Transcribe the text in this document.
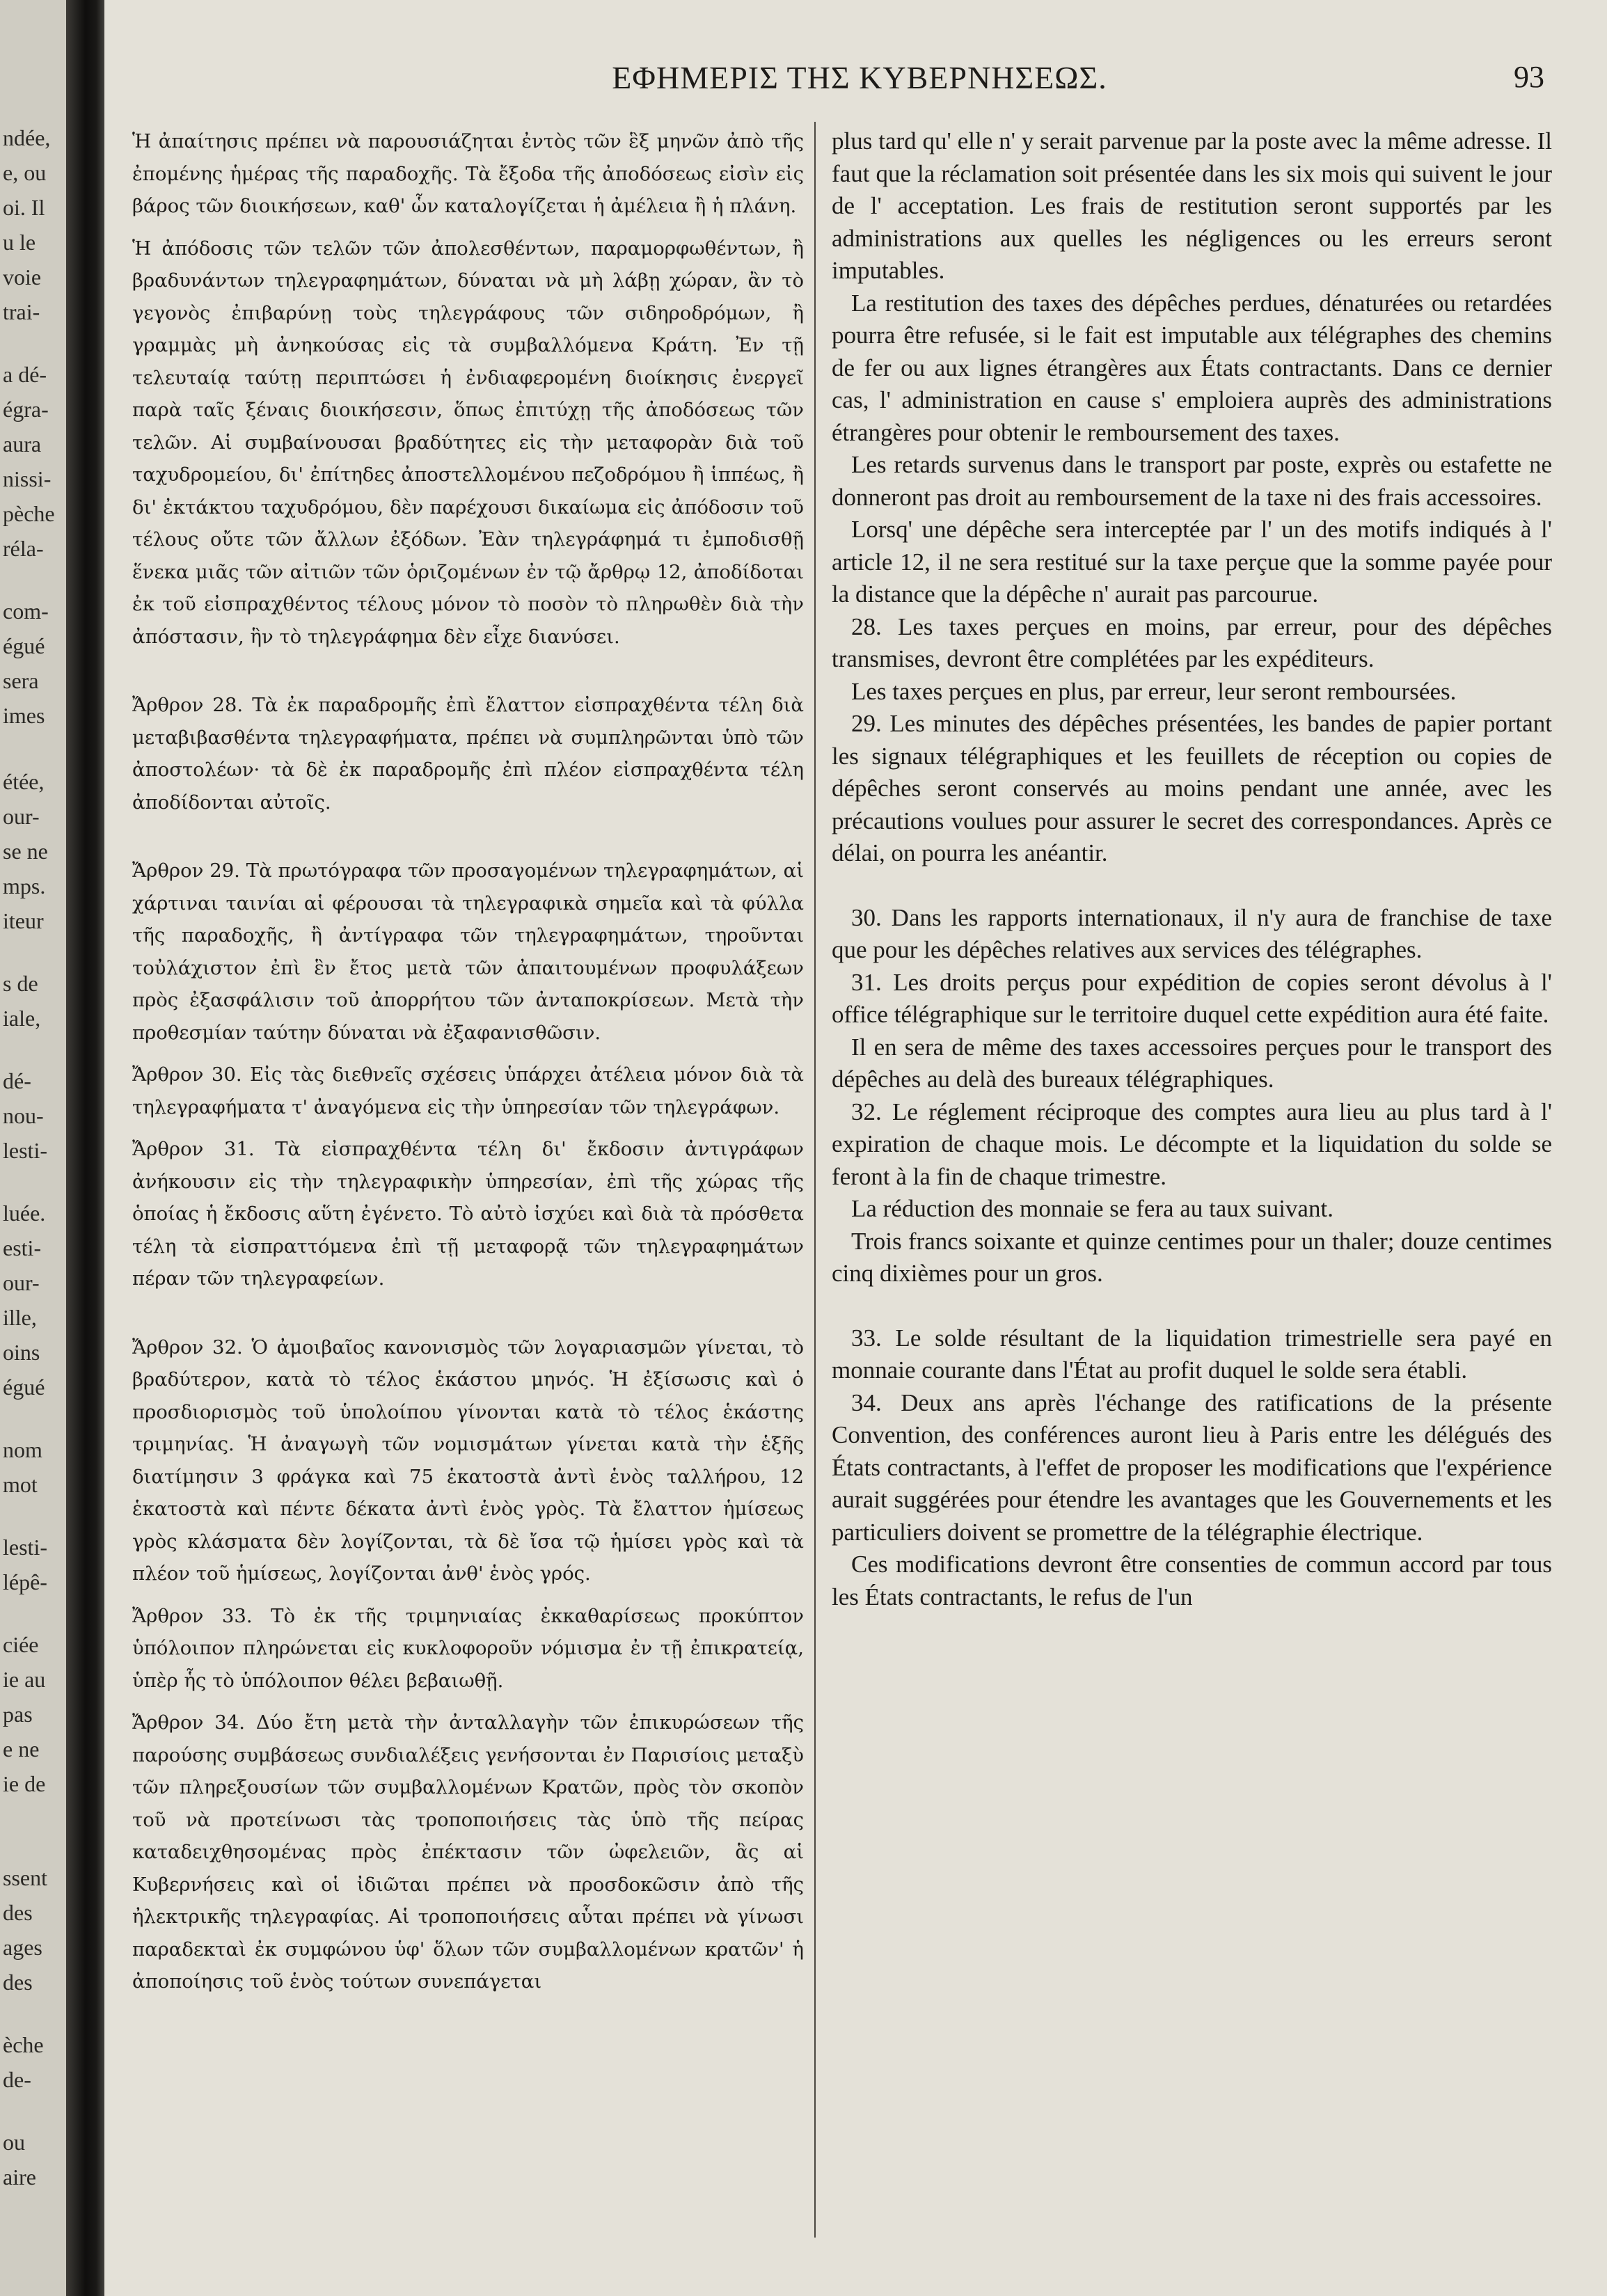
ndée,
e, ou
oi. Il
u le
voie
trai-
a dé-
égra-
aura
nissi-
pèche
réla-
com-
égué
sera
imes
étée,
our-
se ne
mps.
iteur
s de
iale,
dé-
nou-
lesti-
luée.
esti-
our-
ille,
oins
égué
nom
mot
lesti-
lépê-
ciée
ie au
pas
e ne
ie de
ssent
des
ages
des
èche
de-
ou
aire
ΕΦΗΜΕΡΙΣ ΤΗΣ ΚΥΒΕΡΝΗΣΕΩΣ.	93

Ἡ ἀπαίτησις πρέπει νὰ παρουσιάζηται ἐντὸς τῶν ἓξ μηνῶν ἀπὸ τῆς ἐπομένης ἡμέρας τῆς παραδοχῆς. Τὰ ἔξοδα τῆς ἀποδόσεως εἰσὶν εἰς βάρος τῶν διοικήσεων, καθ' ὧν καταλογίζεται ἡ ἀμέλεια ἢ ἡ πλάνη.

Ἡ ἀπόδοσις τῶν τελῶν τῶν ἀπολεσθέντων, παραμορφωθέντων, ἢ βραδυνάντων τηλεγραφημάτων, δύναται νὰ μὴ λάβῃ χώραν, ἂν τὸ γεγονὸς ἐπιβαρύνῃ τοὺς τηλεγράφους τῶν σιδηροδρόμων, ἢ γραμμὰς μὴ ἀνηκούσας εἰς τὰ συμβαλλόμενα Κράτη. Ἐν τῇ τελευταίᾳ ταύτῃ περιπτώσει ἡ ἐνδιαφερομένη διοίκησις ἐνεργεῖ παρὰ ταῖς ξέναις διοικήσεσιν, ὅπως ἐπιτύχῃ τῆς ἀποδόσεως τῶν τελῶν. Αἱ συμβαίνουσαι βραδύτητες εἰς τὴν μεταφορὰν διὰ τοῦ ταχυδρομείου, δι' ἐπίτηδες ἀποστελλομένου πεζοδρόμου ἢ ἱππέως, ἢ δι' ἐκτάκτου ταχυδρόμου, δὲν παρέχουσι δικαίωμα εἰς ἀπόδοσιν τοῦ τέλους οὔτε τῶν ἄλλων ἐξόδων. Ἐὰν τηλεγράφημά τι ἐμποδισθῇ ἕνεκα μιᾶς τῶν αἰτιῶν τῶν ὁριζομένων ἐν τῷ ἄρθρῳ 12, ἀποδίδοται ἐκ τοῦ εἰσπραχθέντος τέλους μόνον τὸ ποσὸν τὸ πληρωθὲν διὰ τὴν ἀπόστασιν, ἣν τὸ τηλεγράφημα δὲν εἶχε διανύσει.

Ἄρθρον 28. Τὰ ἐκ παραδρομῆς ἐπὶ ἔλαττον εἰσπραχθέντα τέλη διὰ μεταβιβασθέντα τηλεγραφήματα, πρέπει νὰ συμπληρῶνται ὑπὸ τῶν ἀποστολέων· τὰ δὲ ἐκ παραδρομῆς ἐπὶ πλέον εἰσπραχθέντα τέλη ἀποδίδονται αὐτοῖς.

Ἄρθρον 29. Τὰ πρωτόγραφα τῶν προσαγομένων τηλεγραφημάτων, αἱ χάρτιναι ταινίαι αἱ φέρουσαι τὰ τηλεγραφικὰ σημεῖα καὶ τὰ φύλλα τῆς παραδοχῆς, ἢ ἀντίγραφα τῶν τηλεγραφημάτων, τηροῦνται τοὐλάχιστον ἐπὶ ἓν ἔτος μετὰ τῶν ἀπαιτουμένων προφυλάξεων πρὸς ἐξασφάλισιν τοῦ ἀπορρήτου τῶν ἀνταποκρίσεων. Μετὰ τὴν προθεσμίαν ταύτην δύναται νὰ ἐξαφανισθῶσιν.

Ἄρθρον 30. Εἰς τὰς διεθνεῖς σχέσεις ὑπάρχει ἀτέλεια μόνον διὰ τὰ τηλεγραφήματα τ' ἀναγόμενα εἰς τὴν ὑπηρεσίαν τῶν τηλεγράφων.

Ἄρθρον 31. Τὰ εἰσπραχθέντα τέλη δι' ἔκδοσιν ἀντιγράφων ἀνήκουσιν εἰς τὴν τηλεγραφικὴν ὑπηρεσίαν, ἐπὶ τῆς χώρας τῆς ὁποίας ἡ ἔκδοσις αὕτη ἐγένετο. Τὸ αὐτὸ ἰσχύει καὶ διὰ τὰ πρόσθετα τέλη τὰ εἰσπραττόμενα ἐπὶ τῇ μεταφορᾷ τῶν τηλεγραφημάτων πέραν τῶν τηλεγραφείων.

Ἄρθρον 32. Ὁ ἀμοιβαῖος κανονισμὸς τῶν λογαριασμῶν γίνεται, τὸ βραδύτερον, κατὰ τὸ τέλος ἑκάστου μηνός. Ἡ ἐξίσωσις καὶ ὁ προσδιορισμὸς τοῦ ὑπολοίπου γίνονται κατὰ τὸ τέλος ἑκάστης τριμηνίας. Ἡ ἀναγωγὴ τῶν νομισμάτων γίνεται κατὰ τὴν ἑξῆς διατίμησιν 3 φράγκα καὶ 75 ἑκατοστὰ ἀντὶ ἑνὸς ταλλήρου, 12 ἑκατοστὰ καὶ πέντε δέκατα ἀντὶ ἑνὸς γρὸς. Τὰ ἔλαττον ἡμίσεως γρὸς κλάσματα δὲν λογίζονται, τὰ δὲ ἴσα τῷ ἡμίσει γρὸς καὶ τὰ πλέον τοῦ ἡμίσεως, λογίζονται ἀνθ' ἑνὸς γρός.

Ἄρθρον 33. Τὸ ἐκ τῆς τριμηνιαίας ἐκκαθαρίσεως προκύπτον ὑπόλοιπον πληρώνεται εἰς κυκλοφοροῦν νόμισμα ἐν τῇ ἐπικρατείᾳ, ὑπὲρ ἧς τὸ ὑπόλοιπον θέλει βεβαιωθῇ.

Ἄρθρον 34. Δύο ἔτη μετὰ τὴν ἀνταλλαγὴν τῶν ἐπικυρώσεων τῆς παρούσης συμβάσεως συνδιαλέξεις γενήσονται ἐν Παρισίοις μεταξὺ τῶν πληρεξουσίων τῶν συμβαλλομένων Κρατῶν, πρὸς τὸν σκοπὸν τοῦ νὰ προτείνωσι τὰς τροποποιήσεις τὰς ὑπὸ τῆς πείρας καταδειχθησομένας πρὸς ἐπέκτασιν τῶν ὠφελειῶν, ἃς αἱ Κυβερνήσεις καὶ οἱ ἰδιῶται πρέπει νὰ προσδοκῶσιν ἀπὸ τῆς ἠλεκτρικῆς τηλεγραφίας. Αἱ τροποποιήσεις αὗται πρέπει νὰ γίνωσι παραδεκταὶ ἐκ συμφώνου ὑφ' ὅλων τῶν συμβαλλομένων κρατῶν' ἡ ἀποποίησις τοῦ ἑνὸς τούτων συνεπάγεται

plus tard qu' elle n' y serait parvenue par la poste avec la même adresse. Il faut que la réclamation soit présentée dans les six mois qui suivent le jour de l' acceptation. Les frais de restitution seront supportés par les administrations aux quelles les négligences ou les erreurs seront imputables.

La restitution des taxes des dépêches perdues, dénaturées ou retardées pourra être refusée, si le fait est imputable aux télégraphes des chemins de fer ou aux lignes étrangères aux États contractants. Dans ce dernier cas, l' administration en cause s' emploiera auprès des administrations étrangères pour obtenir le remboursement des taxes.

Les retards survenus dans le transport par poste, exprès ou estafette ne donneront pas droit au remboursement de la taxe ni des frais accessoires.

Lorsq' une dépêche sera interceptée par l' un des motifs indiqués à l' article 12, il ne sera restitué sur la taxe perçue que la somme payée pour la distance que la dépêche n' aurait pas parcourue.

28. Les taxes perçues en moins, par erreur, pour des dépêches transmises, devront être complétées par les expéditeurs.

Les taxes perçues en plus, par erreur, leur seront remboursées.

29. Les minutes des dépêches présentées, les bandes de papier portant les signaux télégraphiques et les feuillets de réception ou copies de dépêches seront conservés au moins pendant une année, avec les précautions voulues pour assurer le secret des correspondances. Après ce délai, on pourra les anéantir.

30. Dans les rapports internationaux, il n'y aura de franchise de taxe que pour les dépêches relatives aux services des télégraphes.

31. Les droits perçus pour expédition de copies seront dévolus à l' office télégraphique sur le territoire duquel cette expédition aura été faite.

Il en sera de même des taxes accessoires perçues pour le transport des dépêches au delà des bureaux télégraphiques.

32. Le réglement réciproque des comptes aura lieu au plus tard à l' expiration de chaque mois. Le décompte et la liquidation du solde se feront à la fin de chaque trimestre.

La réduction des monnaie se fera au taux suivant.

Trois francs soixante et quinze centimes pour un thaler; douze centimes cinq dixièmes pour un gros.

33. Le solde résultant de la liquidation trimestrielle sera payé en monnaie courante dans l'État au profit duquel le solde sera établi.

34. Deux ans après l'échange des ratifications de la présente Convention, des conférences auront lieu à Paris entre les délégués des États contractants, à l'effet de proposer les modifications que l'expérience aurait suggérées pour étendre les avantages que les Gouvernements et les particuliers doivent se promettre de la télégraphie électrique.

Ces modifications devront être consenties de commun accord par tous les États contractants, le refus de l'un
